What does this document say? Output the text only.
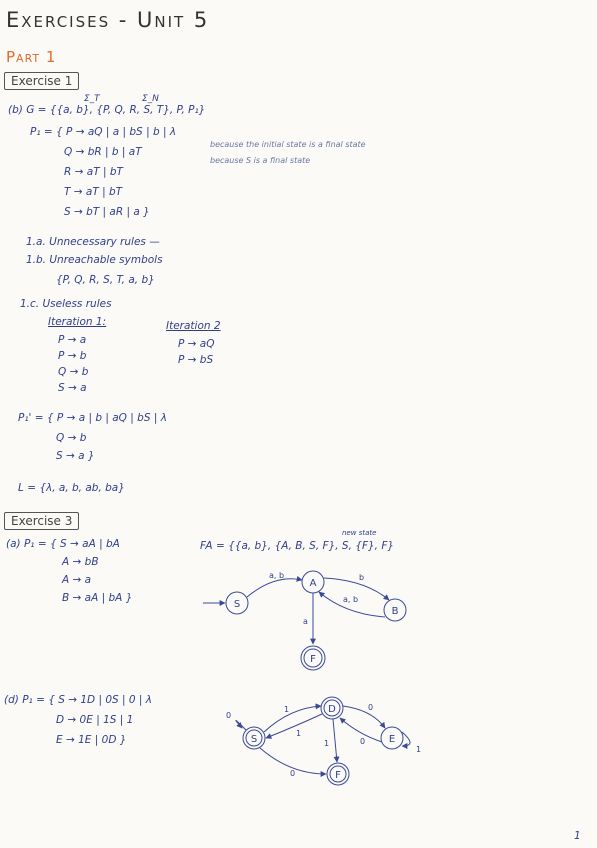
Exercises - Unit 5
Part 1
Exercise 1
Σ_T	Σ_N
(b) G = {{a, b}, {P, Q, R, S, T}, P, P₁}
P₁ = { P → aQ | a | bS | b | λ
Q → bR | b | aT
R → aT | bT
T → aT | bT
S → bT | aR | a }
because the initial state is a final state
because S is a final state
1.a. Unnecessary rules —
1.b. Unreachable symbols
{P, Q, R, S, T, a, b}
1.c. Useless rules
Iteration 1:	Iteration 2
P → a
P → b
Q → b
S → a
P → aQ
P → bS
P₁' = { P → a | b | aQ | bS | λ
Q → b
S → a }
L = {λ, a, b, ab, ba}
Exercise 3
(a) P₁ = { S → aA | bA
A → bB
A → a
B → aA | bA }
new state
FA = {{a, b}, {A, B, S, F}, S, {F}, F}
S
A
B
F
a, b	b
a, b
a
(d) P₁ = { S → 1D | 0S | 0 | λ
D → 0E | 1S | 1
E → 1E | 0D }	S
D
E
F
0
1
1
0
0
1
1
0
1
